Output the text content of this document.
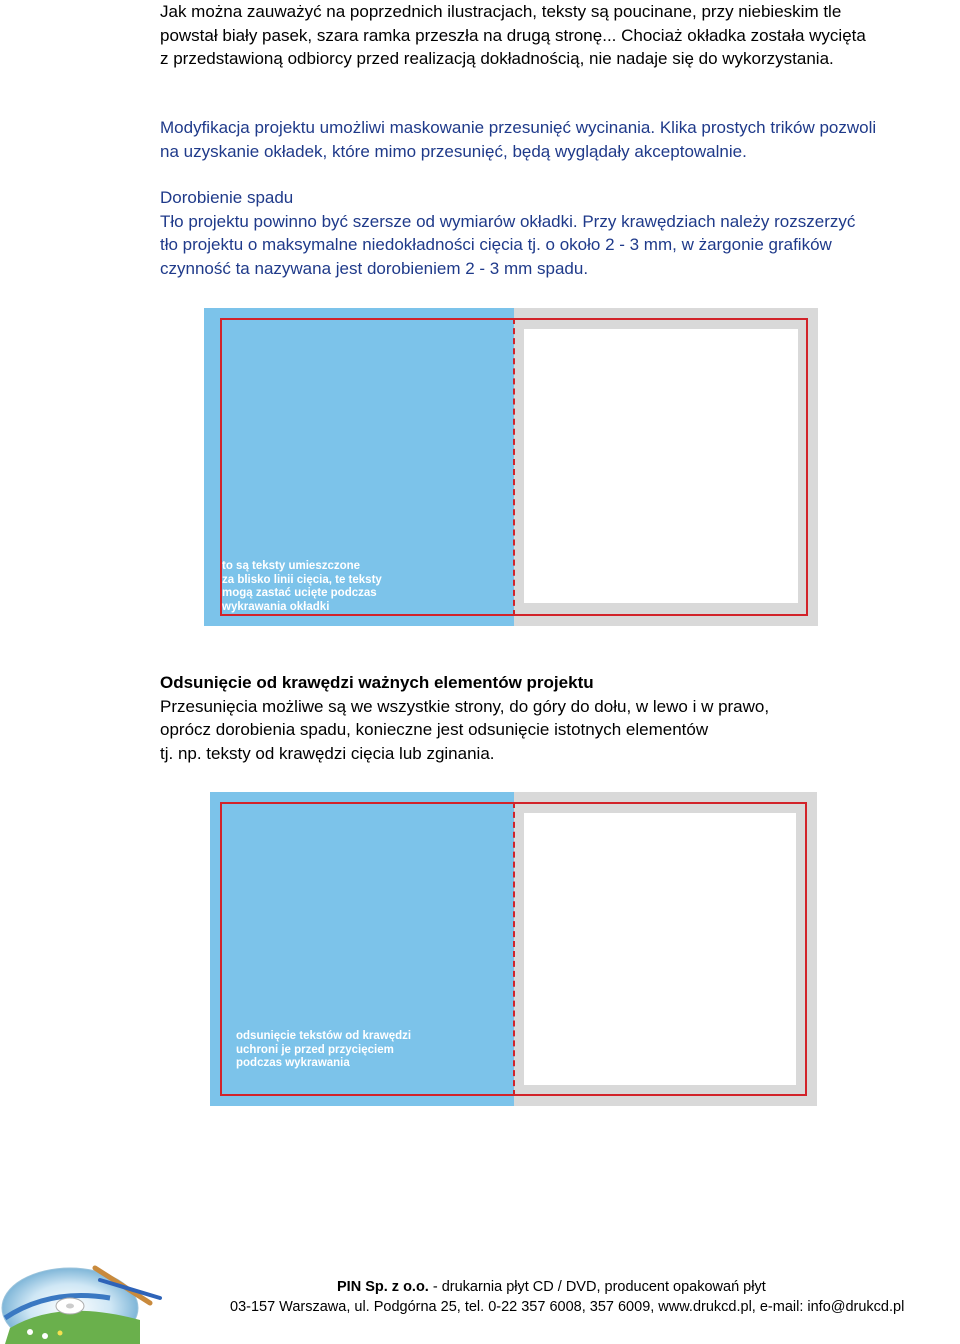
Jak można zauważyć na poprzednich ilustracjach, teksty są poucinane, przy niebieskim tle
powstał biały pasek, szara ramka przeszła na drugą stronę... Chociaż okładka została wycięta
z przedstawioną odbiorcy przed realizacją dokładnością, nie nadaje się do wykorzystania.
Modyfikacja projektu umożliwi maskowanie przesunięć wycinania. Klika prostych trików pozwoli
na uzyskanie okładek, które mimo przesunięć, będą wyglądały akceptowalnie.
Dorobienie spadu
Tło projektu powinno być szersze od wymiarów okładki. Przy krawędziach należy rozszerzyć
tło projektu o maksymalne niedokładności cięcia tj. o około 2 - 3 mm, w żargonie grafików
czynność ta nazywana jest dorobieniem 2 - 3 mm spadu.
to są teksty umieszczone
za blisko linii cięcia, te teksty
mogą zastać ucięte podczas
wykrawania okładki
Odsunięcie od krawędzi ważnych elementów projektu
Przesunięcia możliwe są we wszystkie strony, do góry do dołu, w lewo i w prawo,
oprócz dorobienia spadu, konieczne jest odsunięcie istotnych elementów
tj. np. teksty od krawędzi cięcia lub zginania.
odsunięcie tekstów od krawędzi
uchroni je przed przycięciem
podczas wykrawania
PIN Sp. z o.o. - drukarnia płyt CD / DVD, producent opakowań płyt
03-157 Warszawa, ul. Podgórna 25, tel. 0-22 357 6008, 357 6009, www.drukcd.pl, e-mail: info@drukcd.pl
